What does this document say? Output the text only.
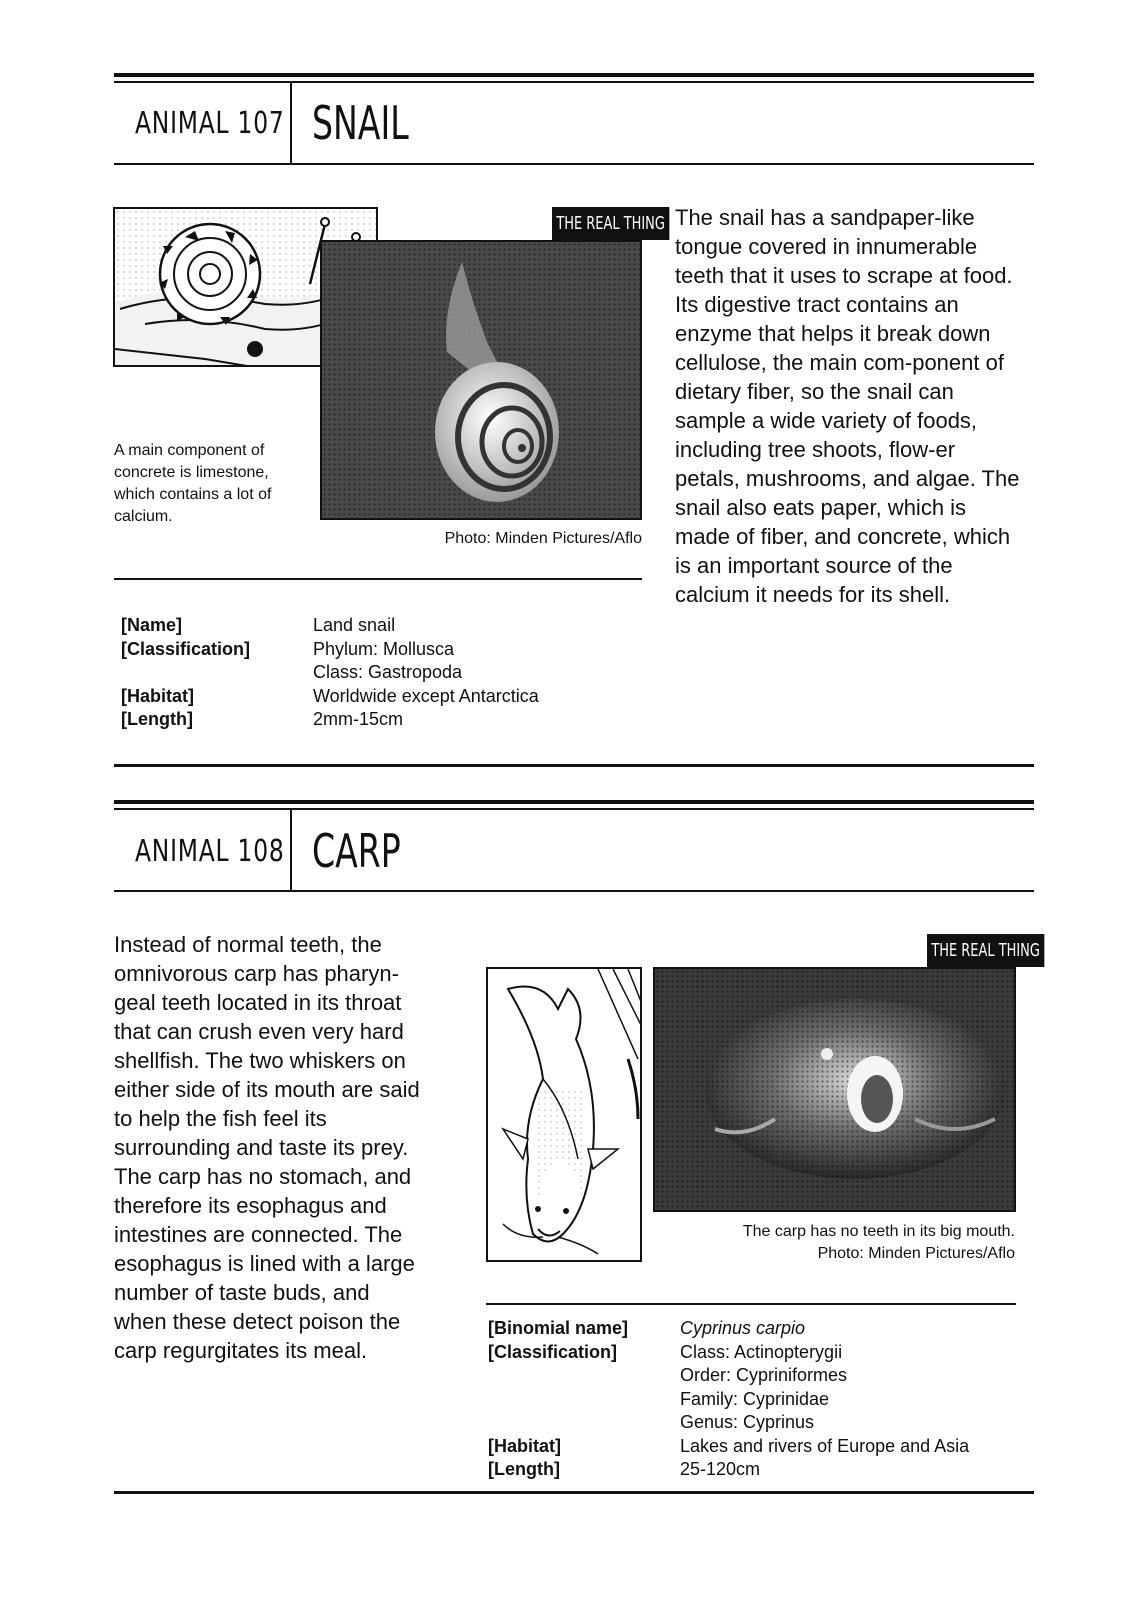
ANIMAL 107 SNAIL
THE REAL THING

A main component of concrete is limestone, which contains a lot of calcium.

Photo: Minden Pictures/Aflo

The snail has a sandpaper-like tongue covered in innumerable teeth that it uses to scrape at food. Its digestive tract contains an enzyme that helps it break down cellulose, the main com-ponent of dietary fiber, so the snail can sample a wide variety of foods, including tree shoots, flow-er petals, mushrooms, and algae. The snail also eats paper, which is made of fiber, and concrete, which is an important source of the calcium it needs for its shell.

[Name]	Land snail
[Classification]	Phylum: Mollusca
Class: Gastropoda
[Habitat]	Worldwide except Antarctica
[Length]	2mm-15cm
ANIMAL 108 CARP

Instead of normal teeth, the omnivorous carp has pharyn-geal teeth located in its throat that can crush even very hard shellfish. The two whiskers on either side of its mouth are said to help the fish feel its surrounding and taste its prey. The carp has no stomach, and therefore its esophagus and intestines are connected. The esophagus is lined with a large number of taste buds, and when these detect poison the carp regurgitates its meal.

THE REAL THING
The carp has no teeth in its big mouth.
Photo: Minden Pictures/Aflo
[Binomial name]	Cyprinus carpio
[Classification]	Class: Actinopterygii
Order: Cypriniformes
Family: Cyprinidae
Genus: Cyprinus
[Habitat]	Lakes and rivers of Europe and Asia
[Length]	25-120cm
